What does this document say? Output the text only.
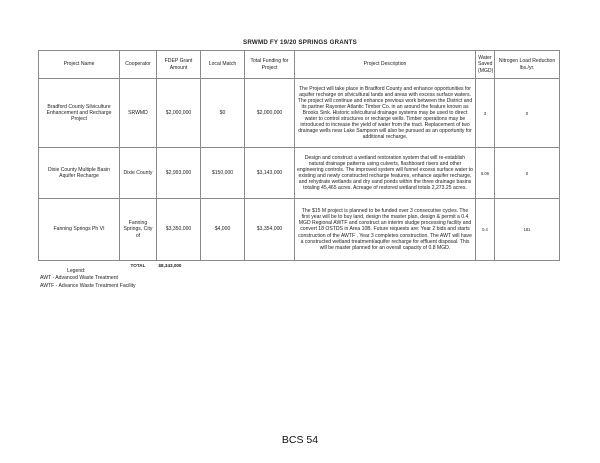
SRWMD FY 19/20 SPRINGS GRANTS
Project Name	Cooperator	FDEP Grant Amount	Local Match	Total Funding for Project	Project Description	Water Saved (MGD)	Nitrogen Load Reduction lbs./yr.
Bradford County Silviculture Enhancement and Recharge Project	SRWMD	$2,000,000	$0	$2,000,000	The Project will take place in Bradford County and enhance opportunities for aquifer recharge on silvicultural lands and areas with excess surface waters. The project will continue and enhance previous work between the District and its partner Rayonier Atlantic Timber Co. in an around the feature known as Brooks Sink. Historic silvicultural drainage systems may be used to direct water to control structures or recharge wells. Timber operations may be introduced to increase the yield of water from the tract. Replacement of two drainage wells near Lake Sampson will also be pursued as an opportunity for additional recharge.	3	0
Dixie County Multiple Basin Aquifer Recharge	Dixie County	$2,993,000	$150,000	$3,143,000	Design and construct a wetland restoration system that will re-establish natural drainage patterns using culverts, flashboard risers and other engineering controls. The improved system will funnel excess surface water to existing and newly constructed recharge features, enhance aquifer recharge, and rehydrate wetlands and dry sand ponds within the three drainage basins totaling 45,465 acres. Acreage of restored wetland totals 2,273.25 acres.	6.06	0
Fanning Springs Ph VI	Fanning Springs, City of	$3,350,000	$4,000	$3,354,000	The $15 M project is planned to be funded over 3 consecutive cycles. The first year will be to buy land, design the master plan, design & permit a 0.4 MGD Regional AWTF and construct an interim sludge processing facility and convert 18 OSTDS in Area 10B. Future requests are: Year 2 bids and starts construction of the AWTF . Year 3 completes construction. The AWT will have a constructed wetland treatment/aquifer recharge for effluent disposal. This will be master planned for an overall capacity of 0.8 MGD.	0.4	181
	TOTAL	$8,343,000					
Legend:
AWT - Advanced Waste Treatment
AWTF - Advance Waste Treatment Facility
BCS 54
